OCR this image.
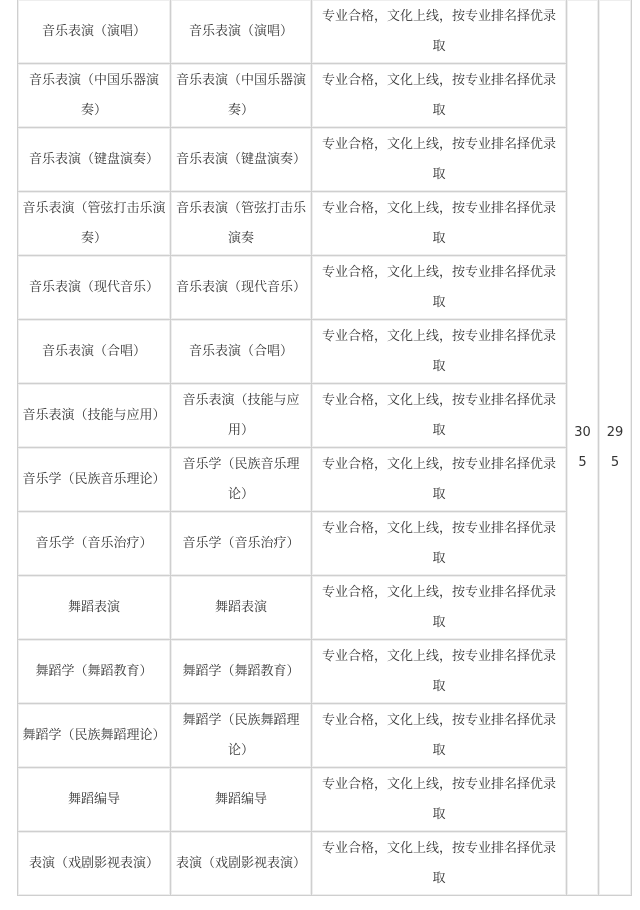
音乐表演（演唱）	音乐表演（演唱）	专业合格，文化上线，按专业排名择优录取	305	295
音乐表演（中国乐器演奏）	音乐表演（中国乐器演奏）	专业合格，文化上线，按专业排名择优录取		
音乐表演（键盘演奏）	音乐表演（键盘演奏）	专业合格，文化上线，按专业排名择优录取		
音乐表演（管弦打击乐演奏）	音乐表演（管弦打击乐演奏	专业合格，文化上线，按专业排名择优录取		
音乐表演（现代音乐）	音乐表演（现代音乐）	专业合格，文化上线，按专业排名择优录取		
音乐表演（合唱）	音乐表演（合唱）	专业合格，文化上线，按专业排名择优录取		
音乐表演（技能与应用）	音乐表演（技能与应用）	专业合格，文化上线，按专业排名择优录取		
音乐学（民族音乐理论）	音乐学（民族音乐理论）	专业合格，文化上线，按专业排名择优录取		
音乐学（音乐治疗）	音乐学（音乐治疗）	专业合格，文化上线，按专业排名择优录取		
舞蹈表演	舞蹈表演	专业合格，文化上线，按专业排名择优录取		
舞蹈学（舞蹈教育）	舞蹈学（舞蹈教育）	专业合格，文化上线，按专业排名择优录取		
舞蹈学（民族舞蹈理论）	舞蹈学（民族舞蹈理论）	专业合格，文化上线，按专业排名择优录取		
舞蹈编导	舞蹈编导	专业合格，文化上线，按专业排名择优录取		
表演（戏剧影视表演）	表演（戏剧影视表演）	专业合格，文化上线，按专业排名择优录取		
